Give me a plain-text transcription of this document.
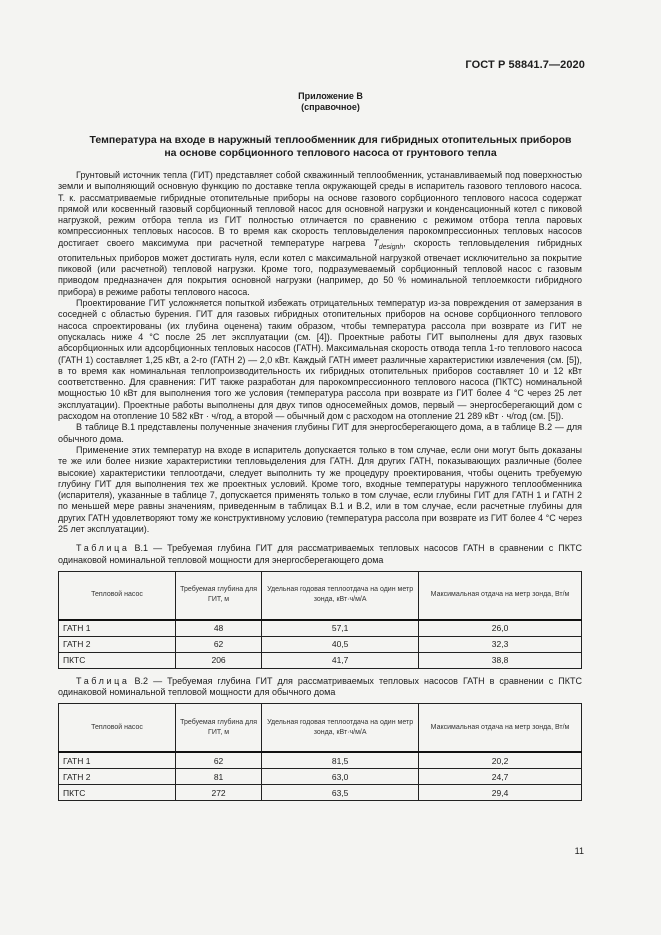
ГОСТ Р 58841.7—2020
Приложение В
(справочное)
Температура на входе в наружный теплообменник для гибридных отопительных приборов
на основе сорбционного теплового насоса от грунтового тепла

Грунтовый источник тепла (ГИТ) представляет собой скважинный теплообменник, устанавливаемый под поверхностью земли и выполняющий основную функцию по доставке тепла окружающей среды в испаритель газового теплового насоса. Т. к. рассматриваемые гибридные отопительные приборы на основе газового сорбционного теплового насоса содержат прямой или косвенный газовый сорбционный тепловой насос для основной нагрузки и конденсационный котел с пиковой нагрузкой, режим отбора тепла из ГИТ полностью отличается по сравнению с режимом отбора тепла паровых компрессионных тепловых насосов. В то время как скорость тепловыделения парокомпрессионных тепловых насосов достигает своего максимума при расчетной температуре нагрева $T_{designh}$, скорость тепловыделения гибридных отопительных приборов может достигать нуля, если котел с максимальной нагрузкой отвечает исключительно за покрытие пиковой (или расчетной) тепловой нагрузки. Кроме того, подразумеваемый сорбционный тепловой насос с газовым приводом предназначен для покрытия основной нагрузки (например, до 50 % номинальной теплоемкости гибридного прибора) в режиме работы теплового насоса.

Проектирование ГИТ усложняется попыткой избежать отрицательных температур из-за повреждения от замерзания в соседней с областью бурения. ГИТ для газовых гибридных отопительных приборов на основе сорбционного теплового насоса спроектированы (их глубина оценена) таким образом, чтобы температура рассола при возврате из ГИТ не опускалась ниже 4 °С после 25 лет эксплуатации (см. [4]). Проектные работы ГИТ выполнены для двух газовых абсорбционных или адсорбционных тепловых насосов (ГАТН). Максимальная скорость отвода тепла 1-го теплового насоса (ГАТН 1) составляет 1,25 кВт, а 2-го (ГАТН 2) — 2,0 кВт. Каждый ГАТН имеет различные характеристики извлечения (см. [5]), в то время как номинальная теплопроизводительность их гибридных отопительных приборов составляет 10 и 12 кВт соответственно. Для сравнения: ГИТ также разработан для парокомпрессионного теплового насоса (ПКТС) номинальной мощностью 10 кВт для выполнения того же условия (температура рассола при возврате из ГИТ более 4 °С через 25 лет эксплуатации). Проектные работы выполнены для двух типов односемейных домов, первый — энергосберегающий дом с расходом на отопление 10 582 кВт · ч/год, а второй — обычный дом с расходом на отопление 21 289 кВт · ч/год (см. [5]).

В таблице В.1 представлены полученные значения глубины ГИТ для энергосберегающего дома, а в таблице В.2 — для обычного дома.

Применение этих температур на входе в испаритель допускается только в том случае, если они могут быть доказаны те же или более низкие характеристики тепловыделения для ГАТН. Для других ГАТН, показывающих различные (более высокие) характеристики теплоотдачи, следует выполнить ту же процедуру проектирования, чтобы оценить требуемую глубину ГИТ для выполнения тех же проектных условий. Кроме того, входные температуры наружного теплообменника (испарителя), указанные в таблице 7, допускается применять только в том случае, если глубины ГИТ для ГАТН 1 и ГАТН 2 по меньшей мере равны значениям, приведенным в таблицах В.1 и В.2, или в том случае, если расчетные глубины для других ГАТН удовлетворяют тому же конструктивному условию (температура рассола при возврате из ГИТ более 4 °С через 25 лет эксплуатации).

Таблица В.1 — Требуемая глубина ГИТ для рассматриваемых тепловых насосов ГАТН в сравнении с ПКТС одинаковой номинальной тепловой мощности для энергосберегающего дома

Тепловой насос	Требуемая глубина для ГИТ, м	Удельная годовая теплоотдача на один метр зонда, кВт·ч/м/А	Максимальная отдача на метр зонда, Вт/м
ГАТН 1	48	57,1	26,0
ГАТН 2	62	40,5	32,3
ПКТС	206	41,7	38,8

Таблица В.2 — Требуемая глубина ГИТ для рассматриваемых тепловых насосов ГАТН в сравнении с ПКТС одинаковой номинальной тепловой мощности для обычного дома

Тепловой насос	Требуемая глубина для ГИТ, м	Удельная годовая теплоотдача на один метр зонда, кВт·ч/м/А	Максимальная отдача на метр зонда, Вт/м
ГАТН 1	62	81,5	20,2
ГАТН 2	81	63,0	24,7
ПКТС	272	63,5	29,4
11
